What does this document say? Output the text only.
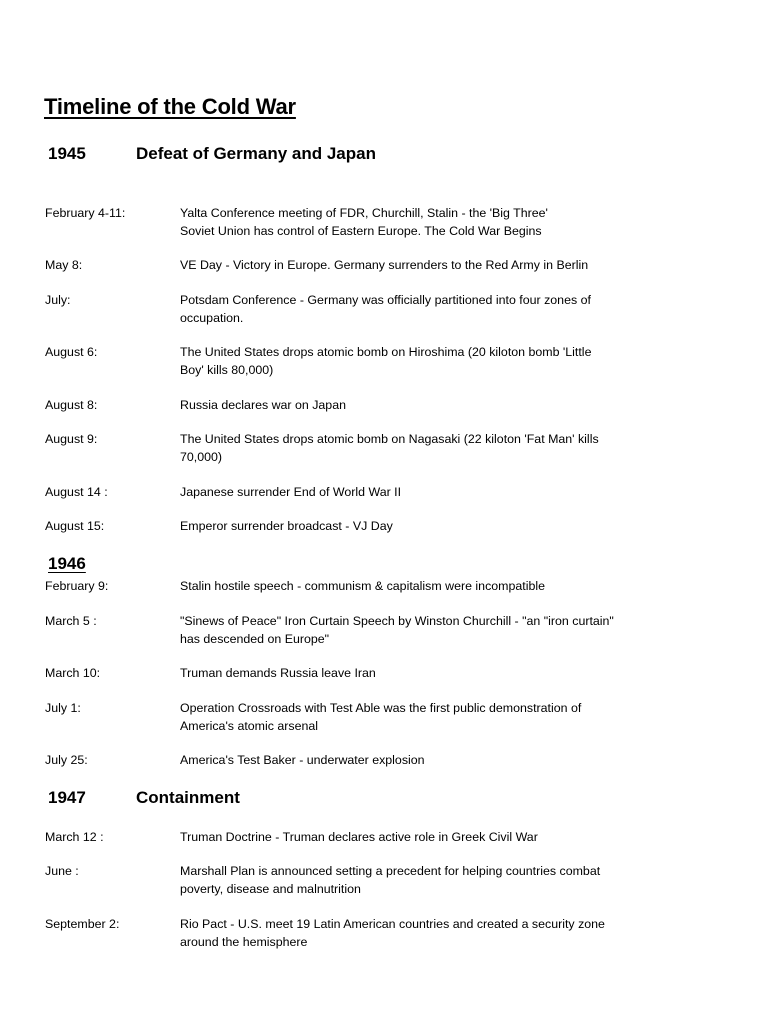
Timeline of the Cold War
1945	Defeat of Germany and Japan
February 4-11:	Yalta Conference meeting of FDR, Churchill, Stalin - the 'Big Three'
Soviet Union has control of Eastern Europe. The Cold War Begins
May 8:	VE Day - Victory in Europe. Germany surrenders to the Red Army in Berlin
July:	Potsdam Conference - Germany was officially partitioned into four zones of
occupation.
August 6:	The United States drops atomic bomb on Hiroshima (20 kiloton bomb 'Little
Boy' kills 80,000)
August 8:	Russia declares war on Japan
August 9:	The United States drops atomic bomb on Nagasaki (22 kiloton 'Fat Man' kills
70,000)
August 14 :	Japanese surrender End of World War II
August 15:	Emperor surrender broadcast - VJ Day
1946
February 9:	Stalin hostile speech - communism & capitalism were incompatible
March 5 :	"Sinews of Peace" Iron Curtain Speech by Winston Churchill - "an "iron curtain"
has descended on Europe"
March 10:	Truman demands Russia leave Iran
July 1:	Operation Crossroads with Test Able was the first public demonstration of
America's atomic arsenal
July 25:	America's Test Baker - underwater explosion
1947	Containment
March 12 :	Truman Doctrine - Truman declares active role in Greek Civil War
June :	Marshall Plan is announced setting a precedent for helping countries combat
poverty, disease and malnutrition
September 2:	Rio Pact - U.S. meet 19 Latin American countries and created a security zone
around the hemisphere
